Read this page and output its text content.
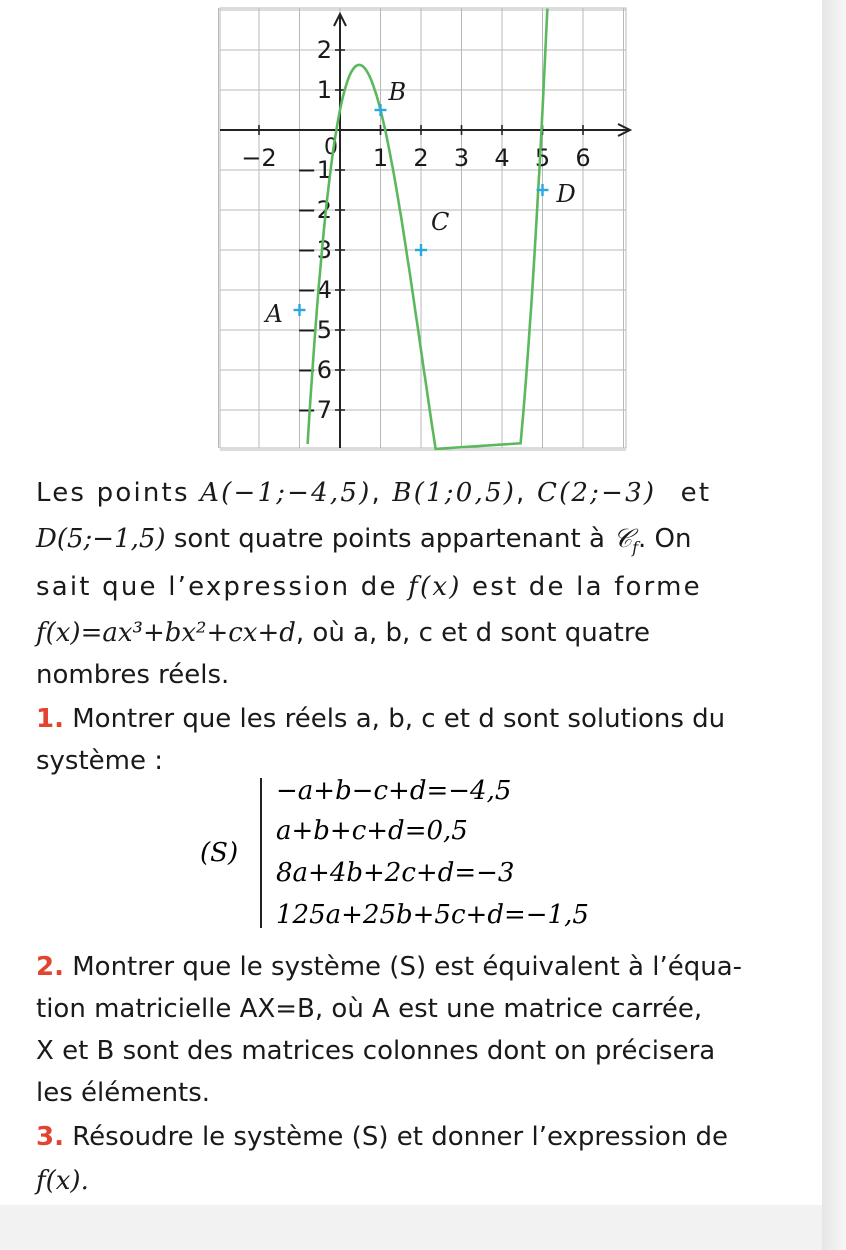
−2	1 2 3 4 5 6
2
1
−1
−2
−3
−4
−5
−6
−7
0
A
B
C
D
Les points A(−1;−4,5), B(1;0,5), C(2;−3) et
D(5;−1,5) sont quatre points appartenant à 𝒞$_f$. On
sait que l’expression de f(x) est de la forme
f(x)=ax³+bx²+cx+d, où a, b, c et d sont quatre
nombres réels.
1. Montrer que les réels a, b, c et d sont solutions du
système :
(S)
−a+b−c+d=−4,5
a+b+c+d=0,5
8a+4b+2c+d=−3
125a+25b+5c+d=−1,5
2. Montrer que le système (S) est équivalent à l’équa-
tion matricielle AX=B, où A est une matrice carrée,
X et B sont des matrices colonnes dont on précisera
les éléments.
3. Résoudre le système (S) et donner l’expression de
f(x).
